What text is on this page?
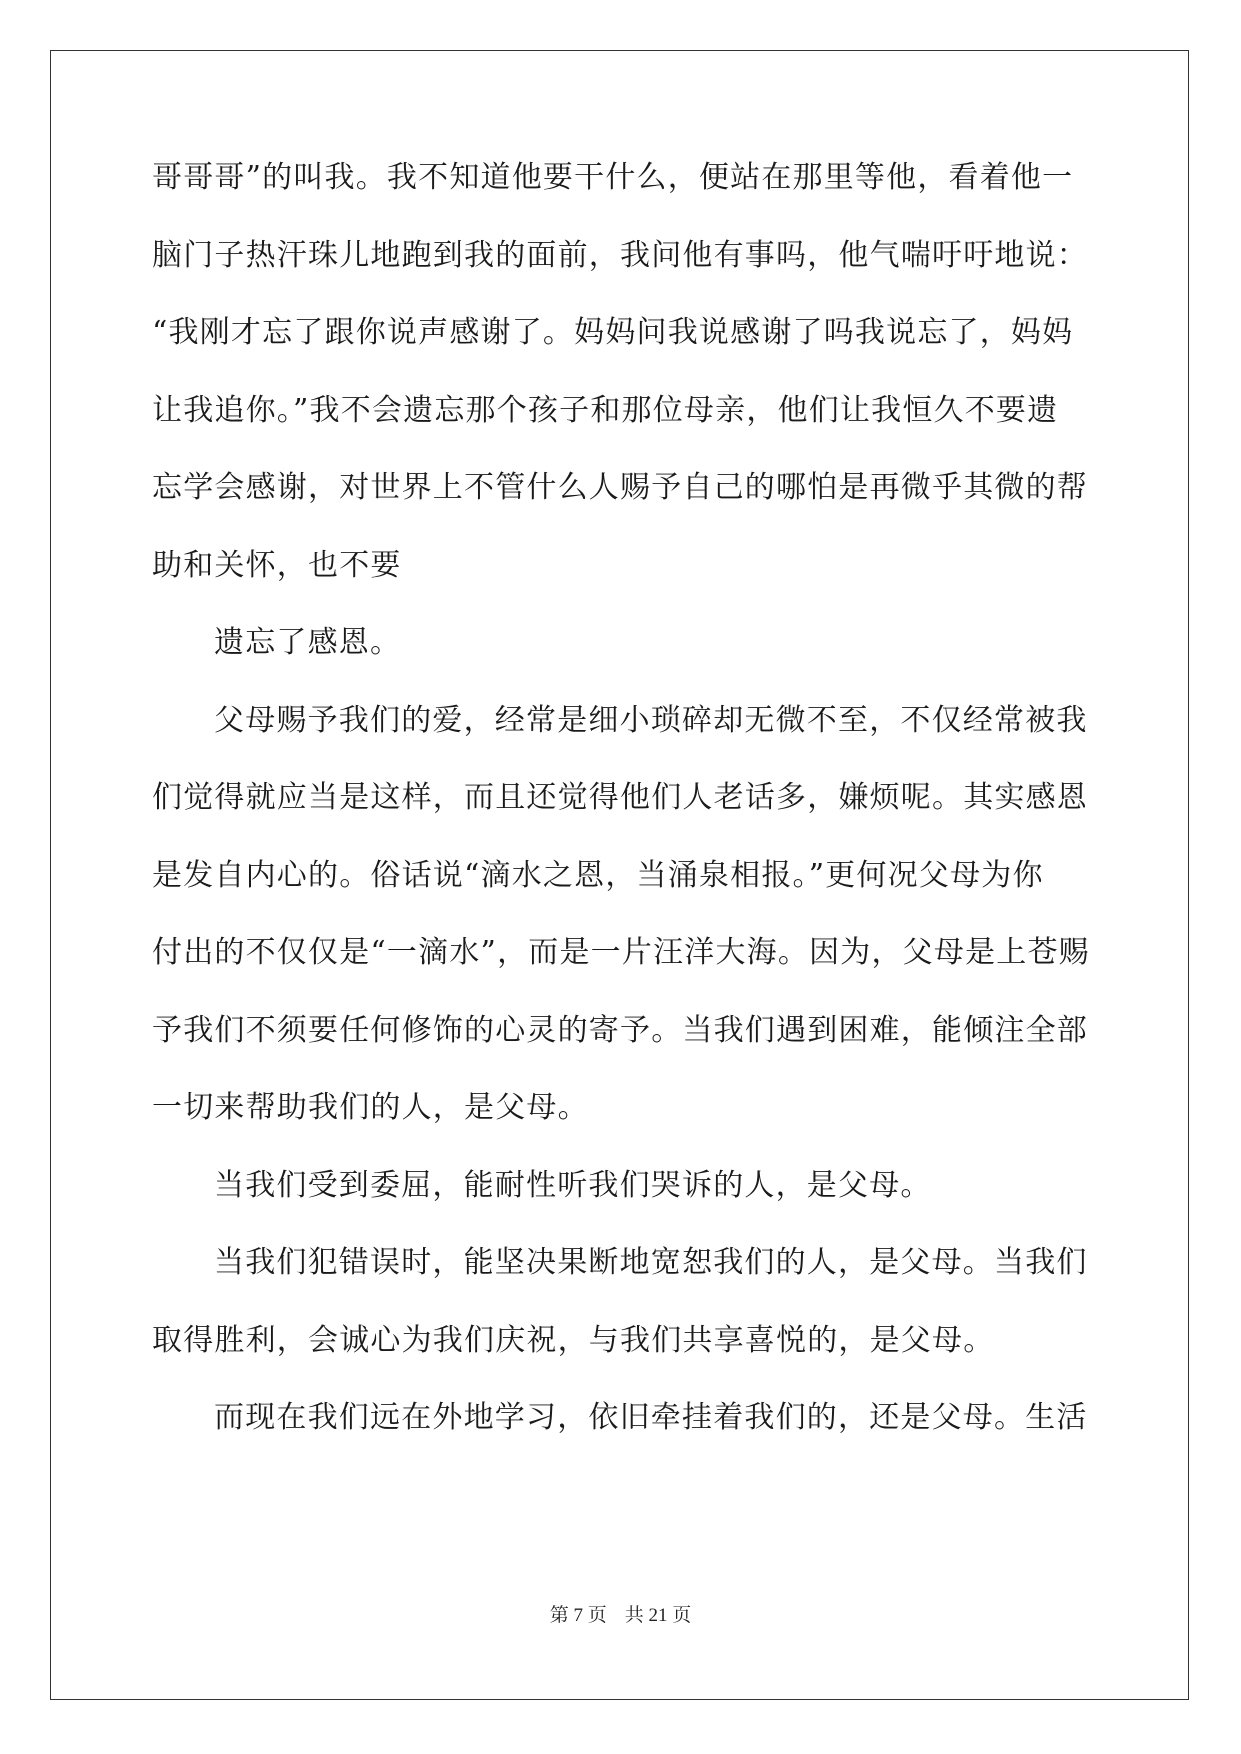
哥哥哥”的叫我。我不知道他要干什么，便站在那里等他，看着他一
脑门子热汗珠儿地跑到我的面前，我问他有事吗，他气喘吁吁地说：
“我刚才忘了跟你说声感谢了。妈妈问我说感谢了吗我说忘了，妈妈
让我追你。”我不会遗忘那个孩子和那位母亲，他们让我恒久不要遗
忘学会感谢，对世界上不管什么人赐予自己的哪怕是再微乎其微的帮
助和关怀，也不要
遗忘了感恩。
父母赐予我们的爱，经常是细小琐碎却无微不至，不仅经常被我
们觉得就应当是这样，而且还觉得他们人老话多，嫌烦呢。其实感恩
是发自内心的。俗话说“滴水之恩，当涌泉相报。”更何况父母为你
付出的不仅仅是“一滴水”，而是一片汪洋大海。因为，父母是上苍赐
予我们不须要任何修饰的心灵的寄予。当我们遇到困难，能倾注全部
一切来帮助我们的人，是父母。
当我们受到委屈，能耐性听我们哭诉的人，是父母。
当我们犯错误时，能坚决果断地宽恕我们的人，是父母。当我们
取得胜利，会诚心为我们庆祝，与我们共享喜悦的，是父母。
而现在我们远在外地学习，依旧牵挂着我们的，还是父母。生活
第 7 页 共 21 页
